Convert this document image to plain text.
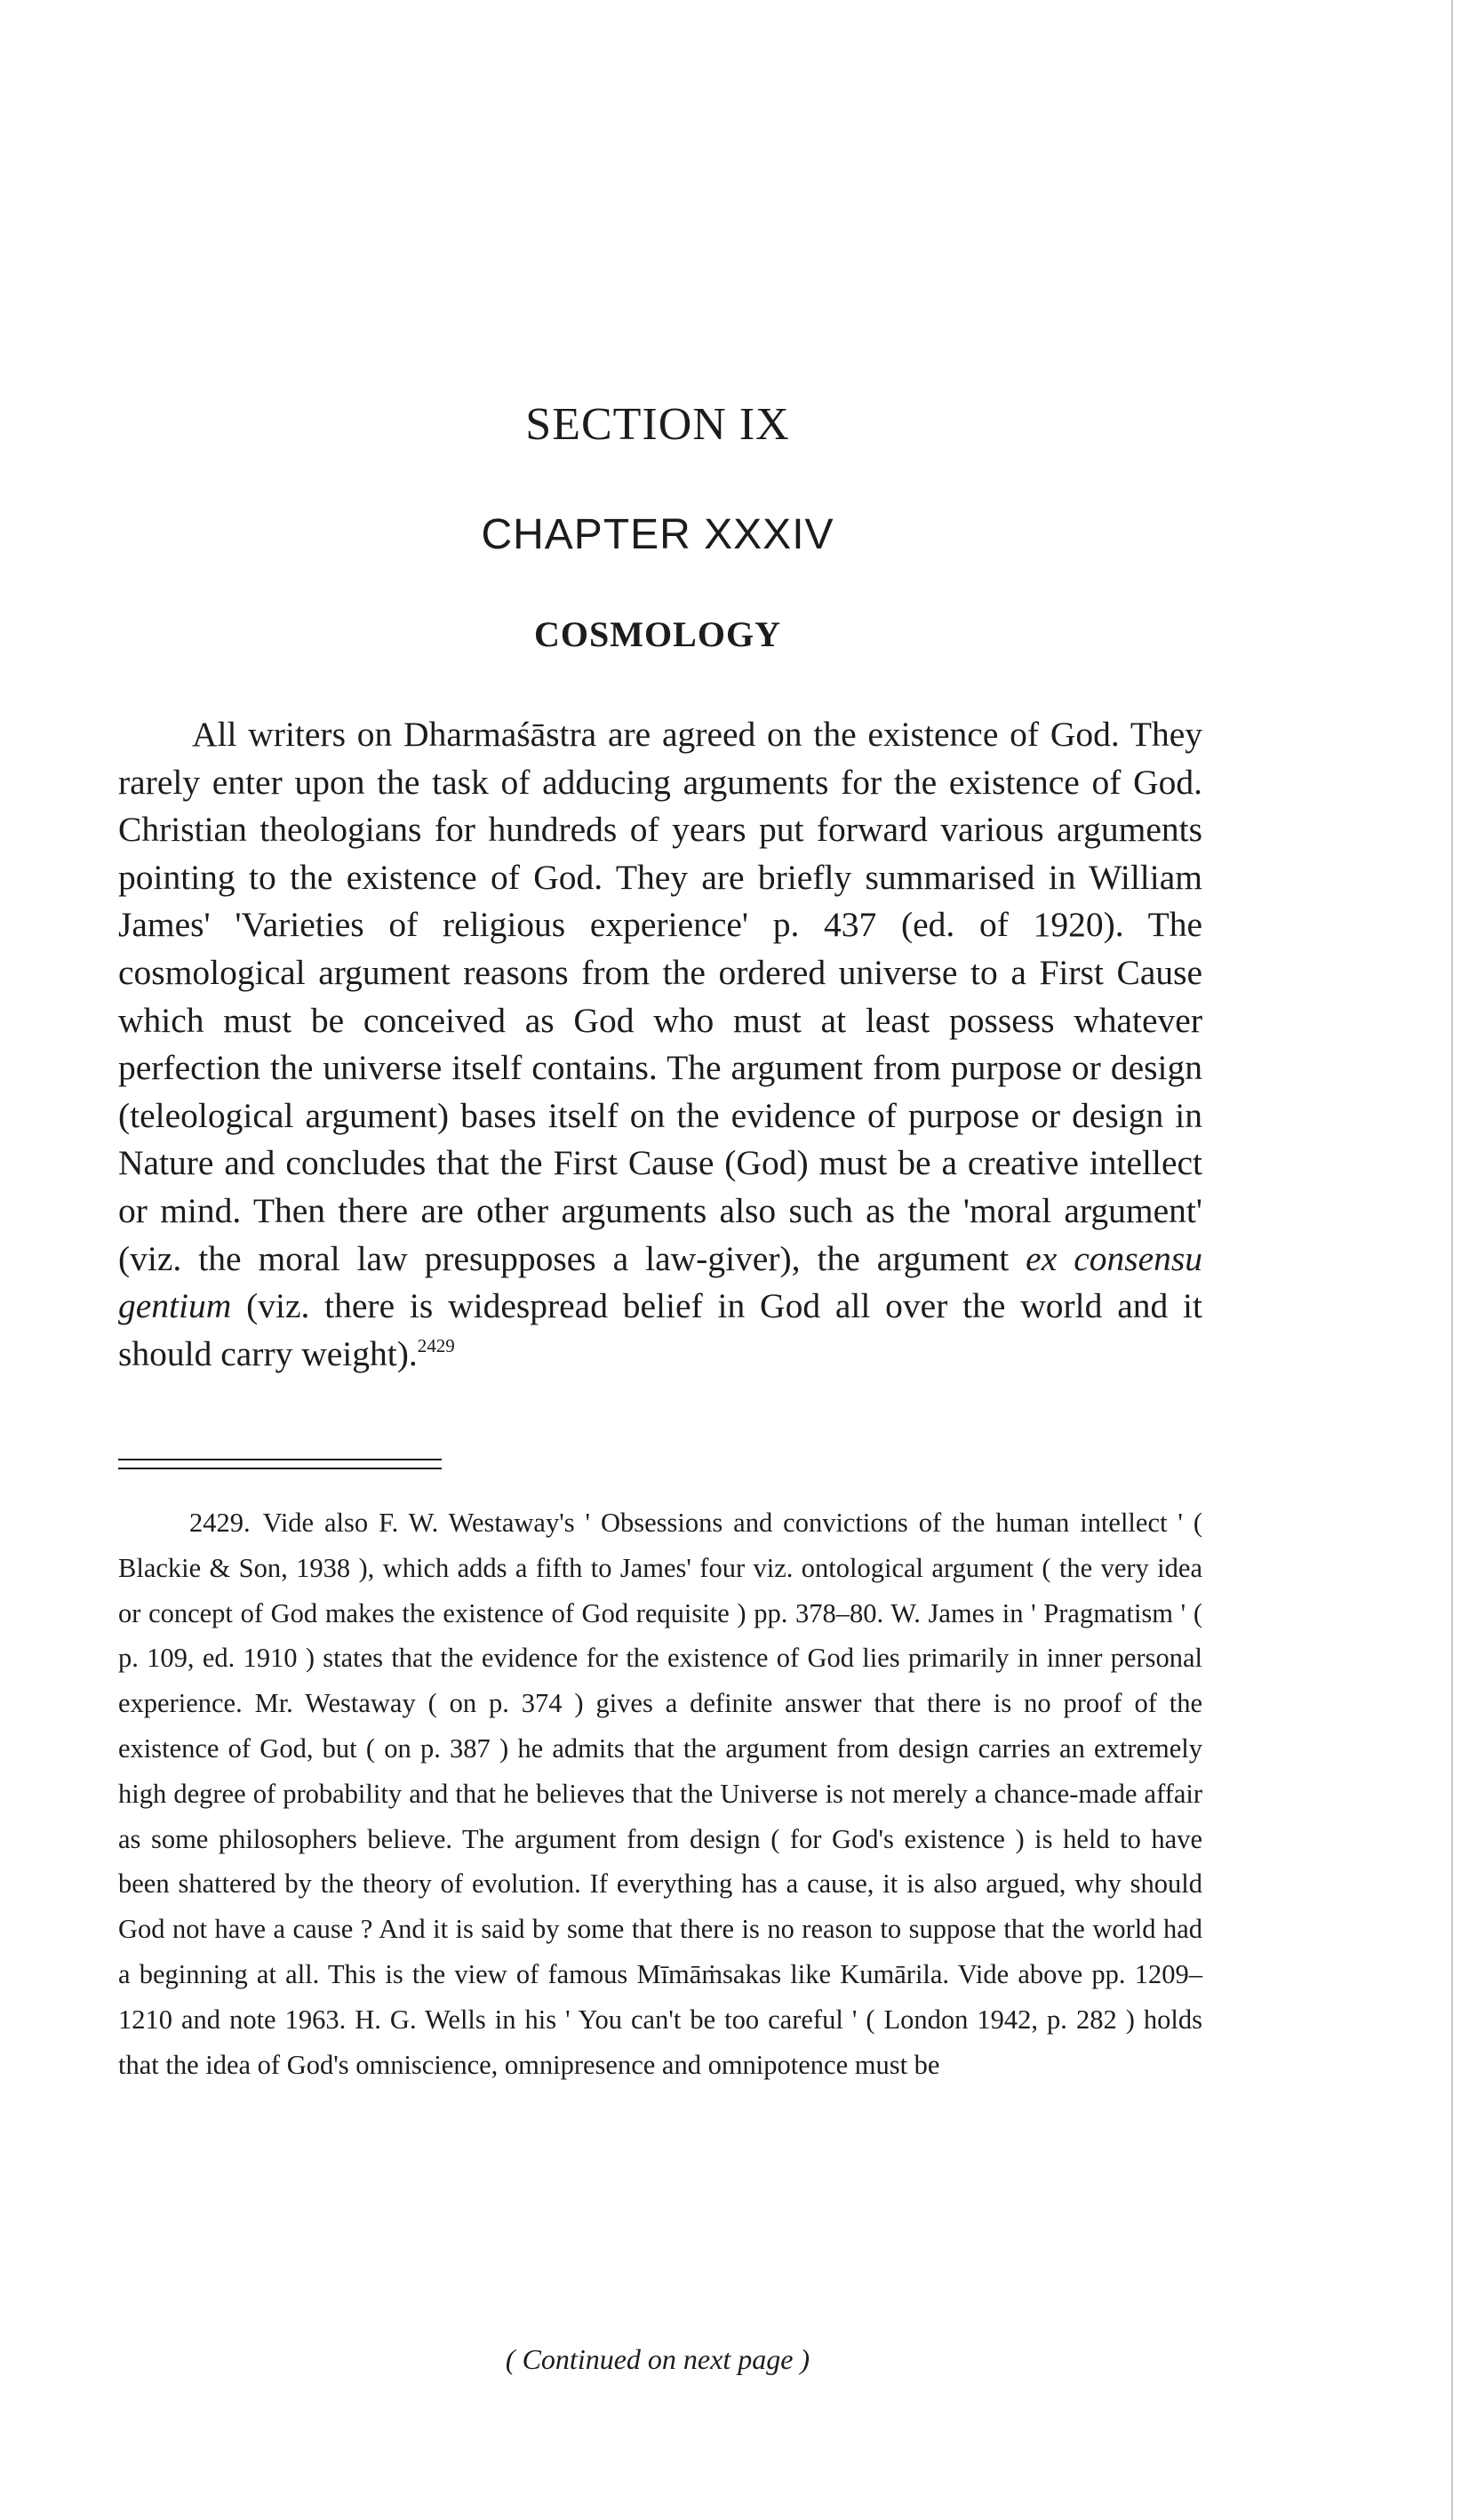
SECTION IX
CHAPTER XXXIV
COSMOLOGY

All writers on Dharmaśāstra are agreed on the existence of God. They rarely enter upon the task of adducing arguments for the existence of God. Christian theologians for hundreds of years put forward various arguments pointing to the existence of God. They are briefly summarised in William James' 'Varieties of religious experience' p. 437 (ed. of 1920). The cosmological argument reasons from the ordered universe to a First Cause which must be conceived as God who must at least possess whatever perfection the universe itself contains. The argument from purpose or design (teleological argument) bases itself on the evidence of purpose or design in Nature and concludes that the First Cause (God) must be a creative intellect or mind. Then there are other arguments also such as the 'moral argument' (viz. the moral law presupposes a law-giver), the argument ex consensu gentium (viz. there is widespread belief in God all over the world and it should carry weight).$^{2429}$

2429. Vide also F. W. Westaway's ' Obsessions and convictions of the human intellect ' ( Blackie & Son, 1938 ), which adds a fifth to James' four viz. ontological argument ( the very idea or concept of God makes the existence of God requisite ) pp. 378–80. W. James in ' Pragmatism ' ( p. 109, ed. 1910 ) states that the evidence for the existence of God lies primarily in inner personal experience. Mr. Westaway ( on p. 374 ) gives a definite answer that there is no proof of the existence of God, but ( on p. 387 ) he admits that the argument from design carries an extremely high degree of probability and that he believes that the Universe is not merely a chance-made affair as some philosophers believe. The argument from design ( for God's existence ) is held to have been shattered by the theory of evolution. If everything has a cause, it is also argued, why should God not have a cause ? And it is said by some that there is no reason to suppose that the world had a beginning at all. This is the view of famous Mīmāṁsakas like Kumārila. Vide above pp. 1209–1210 and note 1963. H. G. Wells in his ' You can't be too careful ' ( London 1942, p. 282 ) holds that the idea of God's omniscience, omnipresence and omnipotence must be

( Continued on next page )
